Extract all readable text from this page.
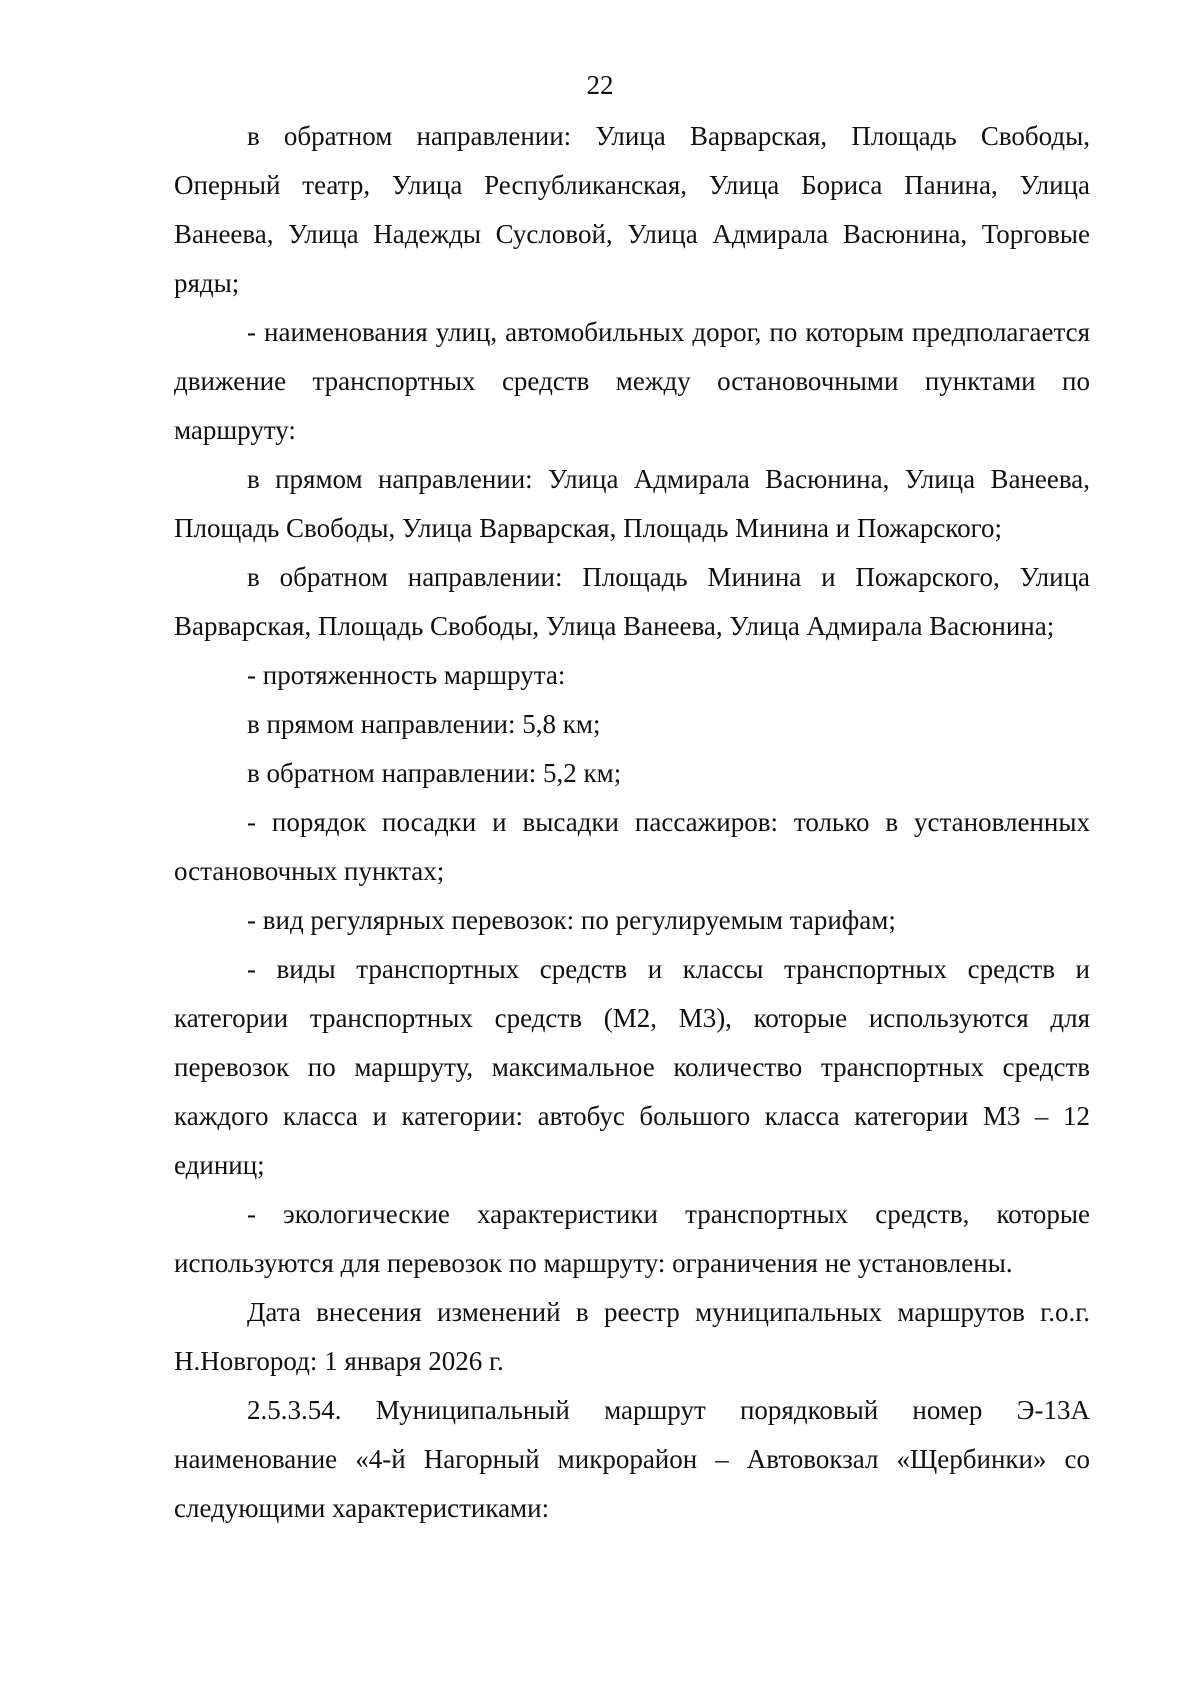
22

в обратном направлении: Улица Варварская, Площадь Свободы, Оперный театр, Улица Республиканская, Улица Бориса Панина, Улица Ванеева, Улица Надежды Сусловой, Улица Адмирала Васюнина, Торговые ряды;

- наименования улиц, автомобильных дорог, по которым предполагается движение транспортных средств между остановочными пунктами по маршруту:

в прямом направлении: Улица Адмирала Васюнина, Улица Ванеева, Площадь Свободы, Улица Варварская, Площадь Минина и Пожарского;

в обратном направлении: Площадь Минина и Пожарского, Улица Варварская, Площадь Свободы, Улица Ванеева, Улица Адмирала Васюнина;

- протяженность маршрута:

в прямом направлении: 5,8 км;

в обратном направлении: 5,2 км;

- порядок посадки и высадки пассажиров: только в установленных остановочных пунктах;

- вид регулярных перевозок: по регулируемым тарифам;

- виды транспортных средств и классы транспортных средств и категории транспортных средств (М2, М3), которые используются для перевозок по маршруту, максимальное количество транспортных средств каждого класса и категории: автобус большого класса категории М3 – 12 единиц;

- экологические характеристики транспортных средств, которые используются для перевозок по маршруту: ограничения не установлены.

Дата внесения изменений в реестр муниципальных маршрутов г.о.г. Н.Новгород: 1 января 2026 г.

2.5.3.54. Муниципальный маршрут порядковый номер Э-13А наименование «4-й Нагорный микрорайон – Автовокзал «Щербинки» со следующими характеристиками:
